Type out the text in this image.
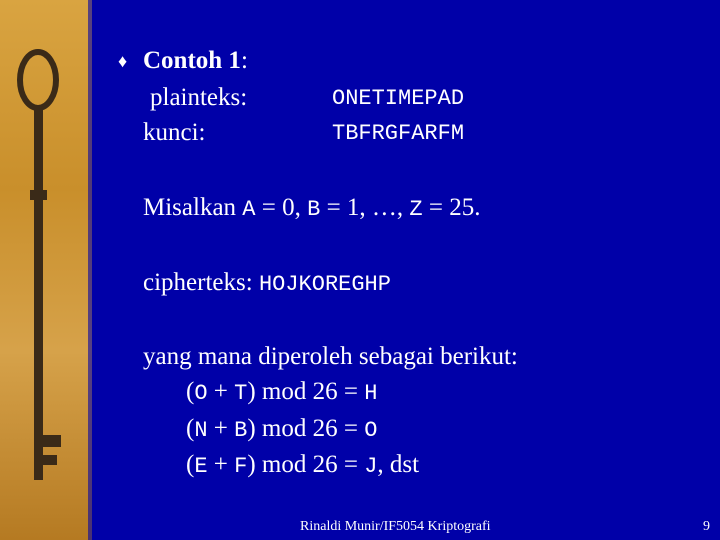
♦ Contoh 1:
plainteks:	ONETIMEPAD
kunci:	TBFRGFARFM
Misalkan A = 0, B = 1, …, Z = 25.
cipherteks: HOJKOREGHP
yang mana diperoleh sebagai berikut:
(O + T) mod 26 = H
(N + B) mod 26 = O
(E + F) mod 26 = J, dst
Rinaldi Munir/IF5054 Kriptografi	9
